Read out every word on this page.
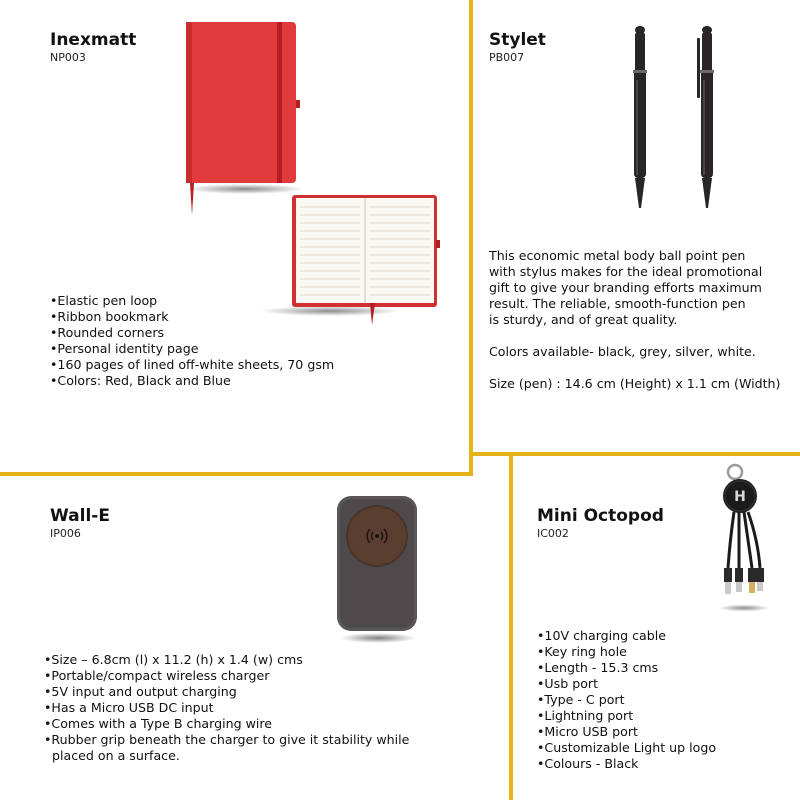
Inexmatt
NP003
•Elastic pen loop
•Ribbon bookmark
•Rounded corners
•Personal identity page
•160 pages of lined off-white sheets, 70 gsm
•Colors: Red, Black and Blue
Stylet
PB007
This economic metal body ball point pen
with stylus makes for the ideal promotional
gift to give your branding efforts maximum
result. The reliable, smooth-function pen
is sturdy, and of great quality.
Colors available- black, grey, silver, white.
Size (pen) : 14.6 cm (Height) x 1.1 cm (Width)
Wall-E
IP006
•Size – 6.8cm (l) x 11.2 (h) x 1.4 (w) cms
•Portable/compact wireless charger
•5V input and output charging
•Has a Micro USB DC input
•Comes with a Type B charging wire
•Rubber grip beneath the charger to give it stability while
placed on a surface.
Mini Octopod
IC002
H
•10V charging cable
•Key ring hole
•Length - 15.3 cms
•Usb port
•Type - C port
•Lightning port
•Micro USB port
•Customizable Light up logo
•Colours - Black
